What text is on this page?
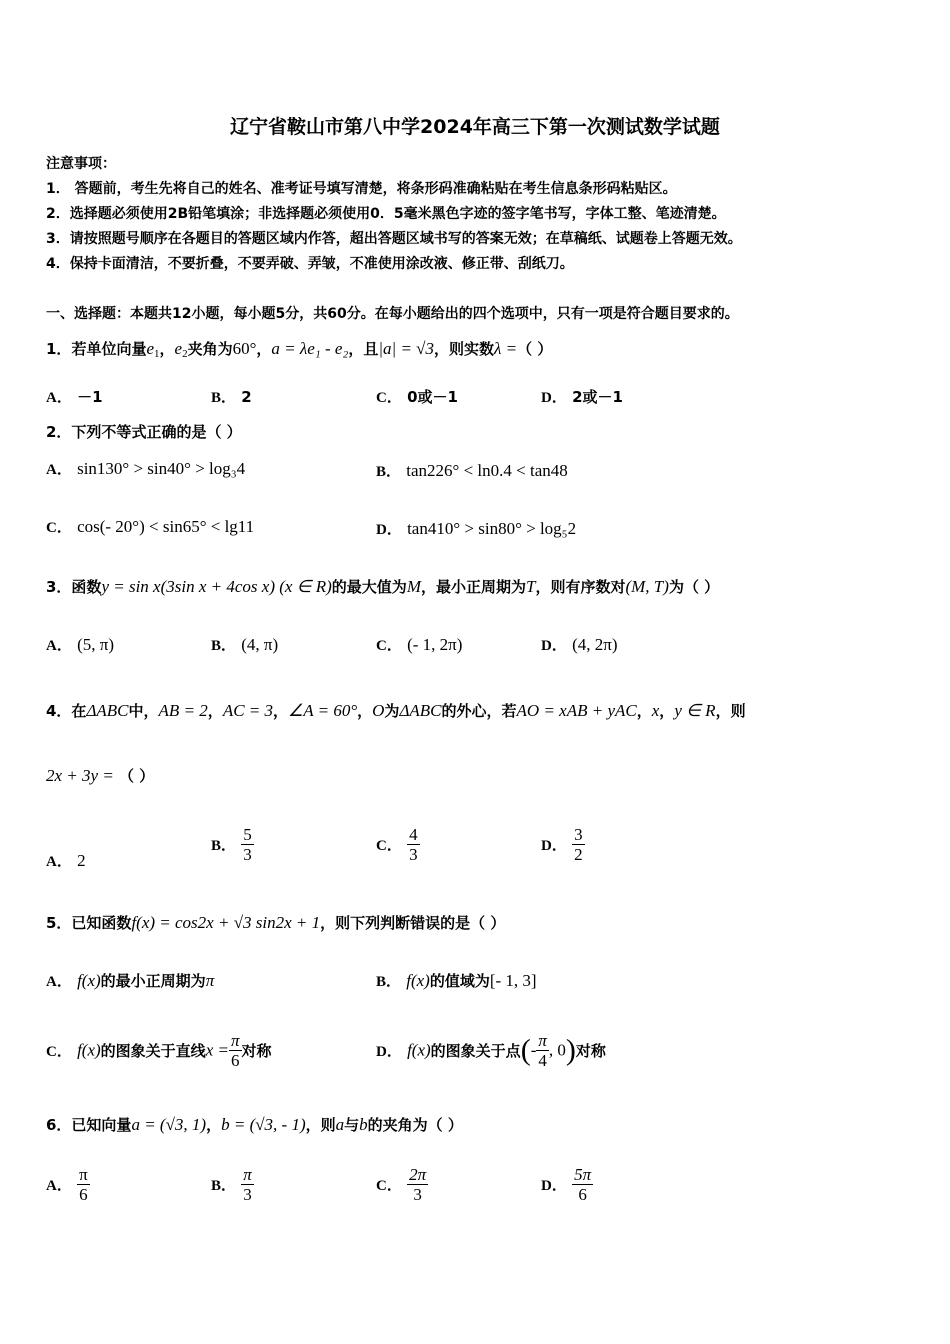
辽宁省鞍山市第八中学2024年高三下第一次测试数学试题
注意事项：
1． 答题前，考生先将自己的姓名、准考证号填写清楚，将条形码准确粘贴在考生信息条形码粘贴区。
2．选择题必须使用2B铅笔填涂；非选择题必须使用0．5毫米黑色字迹的签字笔书写，字体工整、笔迹清楚。
3．请按照题号顺序在各题目的答题区域内作答，超出答题区域书写的答案无效；在草稿纸、试题卷上答题无效。
4．保持卡面清洁，不要折叠，不要弄破、弄皱，不准使用涂改液、修正带、刮纸刀。
一、选择题：本题共12小题，每小题5分，共60分。在每小题给出的四个选项中，只有一项是符合题目要求的。
1．若单位向量$e_1$，$e_2$夹角为60°，a = λe₁ - e₂，且|a| = √3，则实数λ =（ ）
A． －1	B． 2	C． 0或－1	D． 2或－1
2．下列不等式正确的是（ ）
A． sin130° > sin40° > log₃4	B． tan226° < ln0.4 < tan48
C． cos(- 20°) < sin65° < lg11	D． tan410° > sin80° > log₅2
3．函数y = sin x(3sin x + 4cos x) (x ∈ R)的最大值为M，最小正周期为T，则有序数对(M, T)为（ ）
A． (5, π)	B． (4, π)	C． (- 1, 2π)	D． (4, 2π)
4．在ΔABC中，AB = 2，AC = 3，∠A = 60°，O为ΔABC的外心，若AO = xAB + yAC，x，y ∈ R，则
2x + 3y = （ ）
A． 2
B． $\frac{5}{3}$	C． $\frac{4}{3}$	D． $\frac{3}{2}$
5．已知函数f(x) = cos2x + √3 sin2x + 1，则下列判断错误的是（ ）
A． f(x)的最小正周期为π	B． f(x)的值域为[- 1, 3]
C． f(x)的图象关于直线$x = \frac{\pi}{6}$ 对称	D． f(x)的图象关于点(- $\frac{\pi}{4}$ , 0)对称
6．已知向量a = (√3, 1)，b = (√3, - 1)，则a与b的夹角为（ ）
A． $\frac{\pi}{6}$	B． $\frac{\pi}{3}$	C． $\frac{2\pi}{3}$	D． $\frac{5\pi}{6}$
